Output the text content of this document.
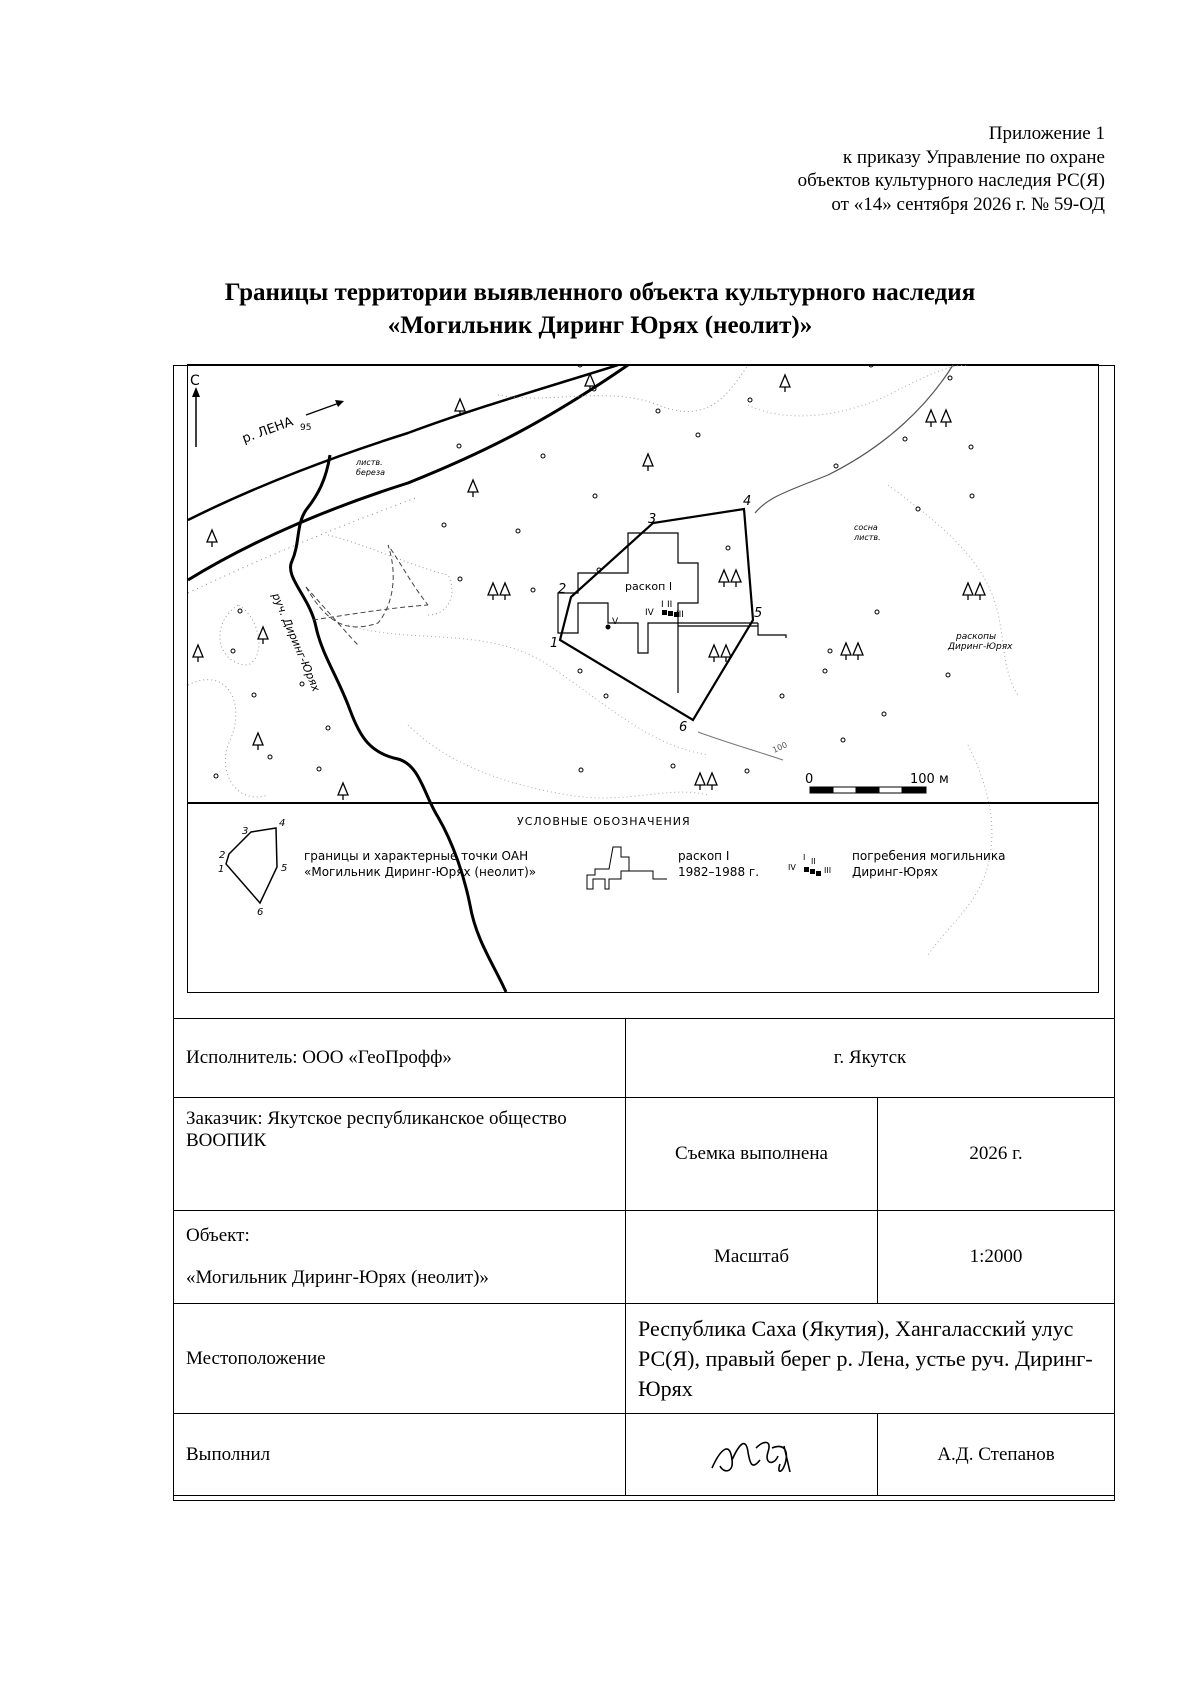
Приложение 1
к приказу Управление по охране
объектов культурного наследия РС(Я)
от «14» сентября 2026 г. № 59-ОД
Границы территории выявленного объекта культурного наследия
«Могильник Диринг Юрях (неолит)»
С
р. ЛЕНА 95
руч. Диринг-Юрях
листв.
береза
сосна
листв.
раскоп I
раскопы
Диринг-Юрях
100
IV
I II
III
V
1
2
3
4
5
6
0	100 м
УСЛОВНЫЕ ОБОЗНАЧЕНИЯ
1
2
3
4
5
6
границы и характерные точки ОАН
«Могильник Диринг-Юрях (неолит)»
раскоп I
1982–1988 г.	IV
I II
III
погребения могильника
Диринг-Юрях
Исполнитель: ООО «ГеоПрофф»	г. Якутск	
Заказчик: Якутское республиканское общество ВООПИК	Съемка выполнена	2026 г.

Объект:
«Могильник Диринг-Юрях (неолит)»	Масштаб	1:2000
Местоположение	Республика Саха (Якутия), Хангаласский улус РС(Я), правый берег р. Лена, устье руч. Диринг-Юрях	
Выполнил		А.Д. Степанов
